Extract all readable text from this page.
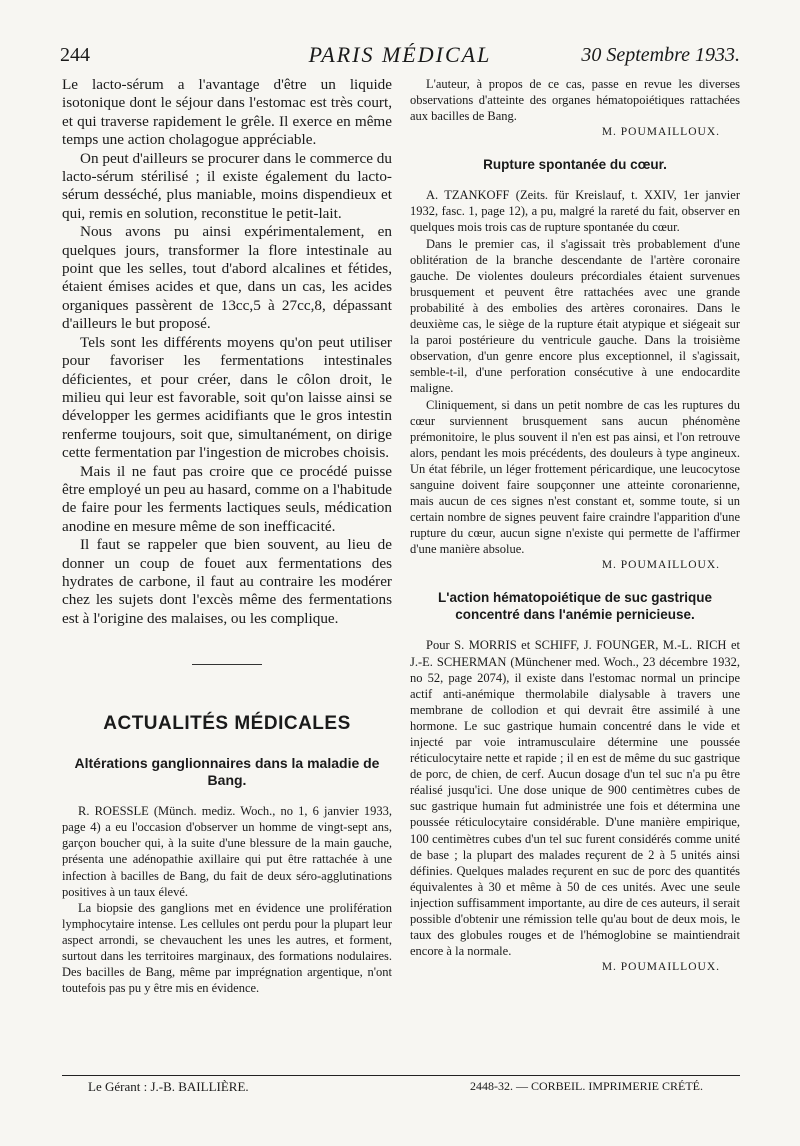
244	PARIS MÉDICAL	30 Septembre 1933.

Le lacto-sérum a l'avantage d'être un liquide isotonique dont le séjour dans l'estomac est très court, et qui traverse rapidement le grêle. Il exerce en même temps une action cholagogue appréciable.

On peut d'ailleurs se procurer dans le commerce du lacto-sérum stérilisé ; il existe également du lacto-sérum desséché, plus maniable, moins dispendieux et qui, remis en solution, reconstitue le petit-lait.

Nous avons pu ainsi expérimentalement, en quelques jours, transformer la flore intestinale au point que les selles, tout d'abord alcalines et fétides, étaient émises acides et que, dans un cas, les acides organiques passèrent de 13cc,5 à 27cc,8, dépassant d'ailleurs le but proposé.

Tels sont les différents moyens qu'on peut utiliser pour favoriser les fermentations intestinales déficientes, et pour créer, dans le côlon droit, le milieu qui leur est favorable, soit qu'on laisse ainsi se développer les germes acidifiants que le gros intestin renferme toujours, soit que, simultanément, on dirige cette fermentation par l'ingestion de microbes choisis.

Mais il ne faut pas croire que ce procédé puisse être employé un peu au hasard, comme on a l'habitude de faire pour les ferments lactiques seuls, médication anodine en mesure même de son inefficacité.

Il faut se rappeler que bien souvent, au lieu de donner un coup de fouet aux fermentations des hydrates de carbone, il faut au contraire les modérer chez les sujets dont l'excès même des fermentations est à l'origine des malaises, ou les complique.

ACTUALITÉS MÉDICALES
Altérations ganglionnaires dans la maladie de Bang.

R. ROESSLE (Münch. mediz. Woch., no 1, 6 janvier 1933, page 4) a eu l'occasion d'observer un homme de vingt-sept ans, garçon boucher qui, à la suite d'une blessure de la main gauche, présenta une adénopathie axillaire qui put être rattachée à une infection à bacilles de Bang, du fait de deux séro-agglutinations positives à un taux élevé.

La biopsie des ganglions met en évidence une prolifération lymphocytaire intense. Les cellules ont perdu pour la plupart leur aspect arrondi, se chevauchent les unes les autres, et forment, surtout dans les territoires marginaux, des formations nodulaires. Des bacilles de Bang, même par imprégnation argentique, n'ont toutefois pas pu y être mis en évidence.

L'auteur, à propos de ce cas, passe en revue les diverses observations d'atteinte des organes hématopoiétiques rattachées aux bacilles de Bang.

M. POUMAILLOUX.
Rupture spontanée du cœur.

A. TZANKOFF (Zeits. für Kreislauf, t. XXIV, 1er janvier 1932, fasc. 1, page 12), a pu, malgré la rareté du fait, observer en quelques mois trois cas de rupture spontanée du cœur.

Dans le premier cas, il s'agissait très probablement d'une oblitération de la branche descendante de l'artère coronaire gauche. De violentes douleurs précordiales étaient survenues brusquement et peuvent être rattachées avec une grande probabilité à des embolies des artères coronaires. Dans le deuxième cas, le siège de la rupture était atypique et siégeait sur la paroi postérieure du ventricule gauche. Dans la troisième observation, d'un genre encore plus exceptionnel, il s'agissait, semble-t-il, d'une perforation consécutive à une endocardite maligne.

Cliniquement, si dans un petit nombre de cas les ruptures du cœur surviennent brusquement sans aucun phénomène prémonitoire, le plus souvent il n'en est pas ainsi, et l'on retrouve alors, pendant les mois précédents, des douleurs à type angineux. Un état fébrile, un léger frottement péricardique, une leucocytose sanguine doivent faire soupçonner une atteinte coronarienne, mais aucun de ces signes n'est constant et, somme toute, si un certain nombre de signes peuvent faire craindre l'apparition d'une rupture du cœur, aucun signe n'existe qui permette de l'affirmer d'une manière absolue.

M. POUMAILLOUX.
L'action hématopoiétique de suc gastrique concentré dans l'anémie pernicieuse.

Pour S. MORRIS et SCHIFF, J. FOUNGER, M.-L. RICH et J.-E. SCHERMAN (Münchener med. Woch., 23 décembre 1932, no 52, page 2074), il existe dans l'estomac normal un principe actif anti-anémique thermolabile dialysable à travers une membrane de collodion et qui devrait être assimilé à une hormone. Le suc gastrique humain concentré dans le vide et injecté par voie intramusculaire détermine une poussée réticulocytaire nette et rapide ; il en est de même du suc gastrique de porc, de chien, de cerf. Aucun dosage d'un tel suc n'a pu être réalisé jusqu'ici. Une dose unique de 900 centimètres cubes de suc gastrique humain fut administrée une fois et détermina une poussée réticulocytaire considérable. D'une manière empirique, 100 centimètres cubes d'un tel suc furent considérés comme unité de base ; la plupart des malades reçurent de 2 à 5 unités ainsi définies. Quelques malades reçurent en suc de porc des quantités équivalentes à 30 et même à 50 de ces unités. Avec une seule injection suffisamment importante, au dire de ces auteurs, il serait possible d'obtenir une rémission telle qu'au bout de deux mois, le taux des globules rouges et de l'hémoglobine se maintiendrait encore à la normale.

M. POUMAILLOUX.
Le Gérant : J.-B. BAILLIÈRE.	2448-32. — CORBEIL. IMPRIMERIE CRÉTÉ.
